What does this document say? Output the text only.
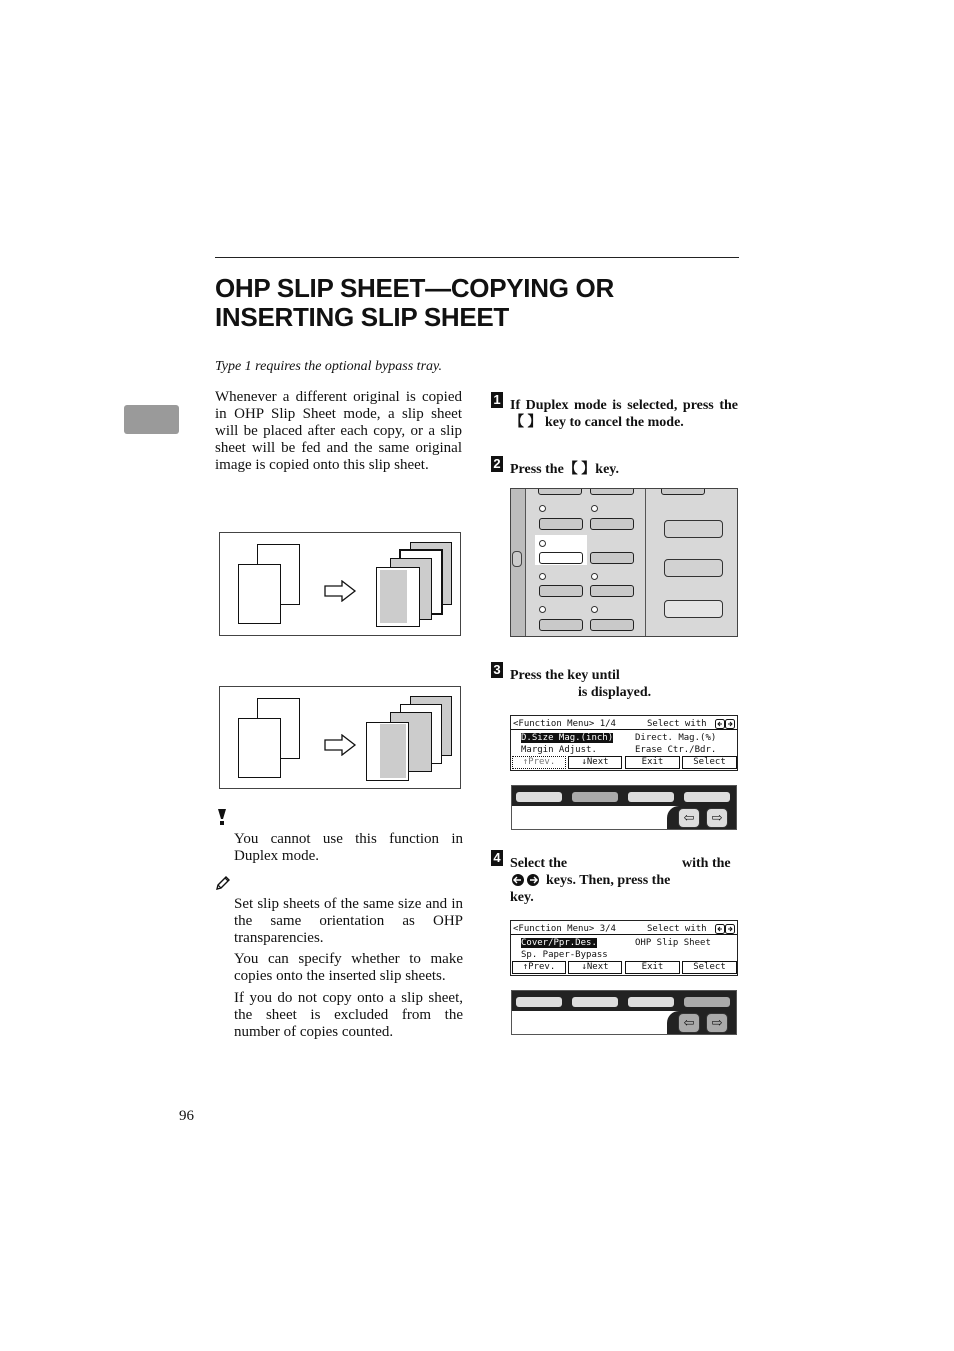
OHP SLIP SHEET—COPYING OR INSERTING SLIP SHEET
Type 1 requires the optional bypass tray.
Whenever a different original is copied in OHP Slip Sheet mode, a slip sheet will be placed after each copy, or a slip sheet will be fed and the same original image is copied onto this slip sheet.
You cannot use this function in Duplex mode.
Set slip sheets of the same size and in the same orientation as OHP transparencies.
You can specify whether to make copies onto the inserted slip sheets.
If you do not copy onto a slip sheet, the sheet is excluded from the number of copies counted.
1 If Duplex mode is selected, press the 【 】 key to cancel the mode.
2 Press the【 】key.
3 Press the key until
is displayed.
<Function Menu> 1/4	Select with
D.Size Mag.(inch)	Direct. Mag.(%)
Margin Adjust.	Erase Ctr./Bdr.
↑Prev.	↓Next	Exit	Select
⇦	⇨
4 Select the	with the
keys. Then, press the
key.
<Function Menu> 3/4	Select with
Cover/Ppr.Des.	OHP Slip Sheet
Sp. Paper-Bypass
↑Prev.	↓Next	Exit	Select
⇦	⇨
96
